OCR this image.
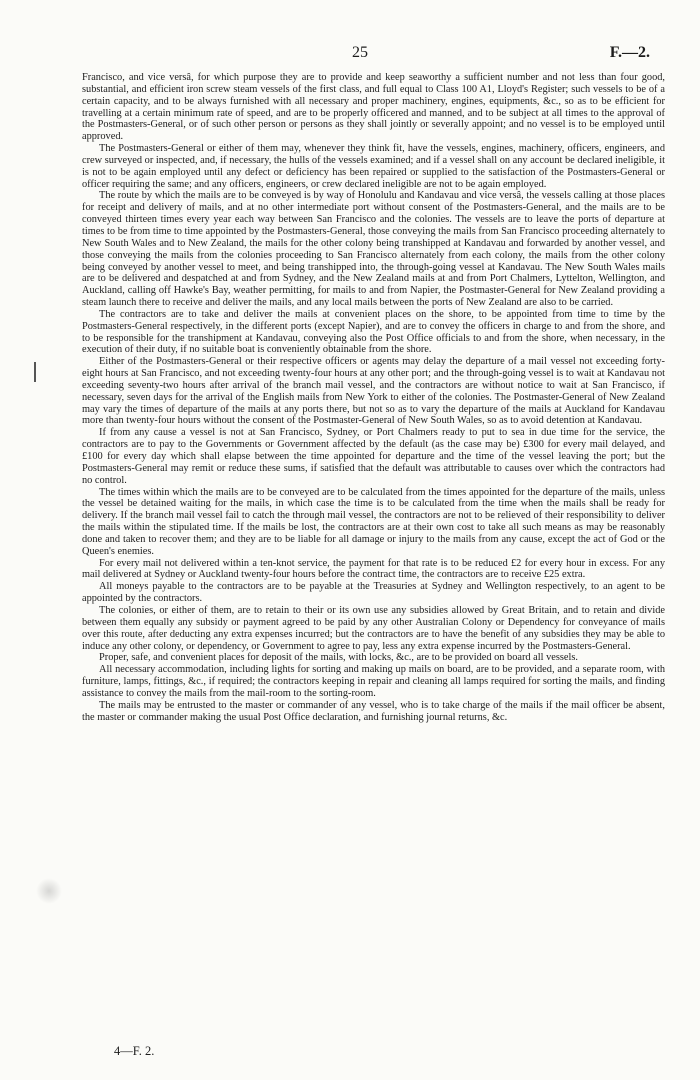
25	F.—2.

Francisco, and vice versâ, for which purpose they are to provide and keep seaworthy a sufficient number and not less than four good, substantial, and efficient iron screw steam vessels of the first class, and full equal to Class 100 A1, Lloyd's Register; such vessels to be of a certain capacity, and to be always furnished with all necessary and proper machinery, engines, equipments, &c., so as to be efficient for travelling at a certain minimum rate of speed, and are to be properly officered and manned, and to be subject at all times to the approval of the Postmasters-General, or of such other person or persons as they shall jointly or severally appoint; and no vessel is to be employed until approved.

The Postmasters-General or either of them may, whenever they think fit, have the vessels, engines, machinery, officers, engineers, and crew surveyed or inspected, and, if necessary, the hulls of the vessels examined; and if a vessel shall on any account be declared ineligible, it is not to be again employed until any defect or deficiency has been repaired or supplied to the satisfaction of the Postmasters-General or officer requiring the same; and any officers, engineers, or crew declared ineligible are not to be again employed.

The route by which the mails are to be conveyed is by way of Honolulu and Kandavau and vice versâ, the vessels calling at those places for receipt and delivery of mails, and at no other intermediate port without consent of the Postmasters-General, and the mails are to be conveyed thirteen times every year each way between San Francisco and the colonies. The vessels are to leave the ports of departure at times to be from time to time appointed by the Postmasters-General, those conveying the mails from San Francisco proceeding alternately to New South Wales and to New Zealand, the mails for the other colony being transhipped at Kandavau and forwarded by another vessel, and those conveying the mails from the colonies proceeding to San Francisco alternately from each colony, the mails from the other colony being conveyed by another vessel to meet, and being transhipped into, the through-going vessel at Kandavau. The New South Wales mails are to be delivered and despatched at and from Sydney, and the New Zealand mails at and from Port Chalmers, Lyttelton, Wellington, and Auckland, calling off Hawke's Bay, weather permitting, for mails to and from Napier, the Postmaster-General for New Zealand providing a steam launch there to receive and deliver the mails, and any local mails between the ports of New Zealand are also to be carried.

The contractors are to take and deliver the mails at convenient places on the shore, to be appointed from time to time by the Postmasters-General respectively, in the different ports (except Napier), and are to convey the officers in charge to and from the shore, and to be responsible for the transhipment at Kandavau, conveying also the Post Office officials to and from the shore, when necessary, in the execution of their duty, if no suitable boat is conveniently obtainable from the shore.

Either of the Postmasters-General or their respective officers or agents may delay the departure of a mail vessel not exceeding forty-eight hours at San Francisco, and not exceeding twenty-four hours at any other port; and the through-going vessel is to wait at Kandavau not exceeding seventy-two hours after arrival of the branch mail vessel, and the contractors are without notice to wait at San Francisco, if necessary, seven days for the arrival of the English mails from New York to either of the colonies. The Postmaster-General of New Zealand may vary the times of departure of the mails at any ports there, but not so as to vary the departure of the mails at Auckland for Kandavau more than twenty-four hours without the consent of the Postmaster-General of New South Wales, so as to avoid detention at Kandavau.

If from any cause a vessel is not at San Francisco, Sydney, or Port Chalmers ready to put to sea in due time for the service, the contractors are to pay to the Governments or Government affected by the default (as the case may be) £300 for every mail delayed, and £100 for every day which shall elapse between the time appointed for departure and the time of the vessel leaving the port; but the Postmasters-General may remit or reduce these sums, if satisfied that the default was attributable to causes over which the contractors had no control.

The times within which the mails are to be conveyed are to be calculated from the times appointed for the departure of the mails, unless the vessel be detained waiting for the mails, in which case the time is to be calculated from the time when the mails shall be ready for delivery. If the branch mail vessel fail to catch the through mail vessel, the contractors are not to be relieved of their responsibility to deliver the mails within the stipulated time. If the mails be lost, the contractors are at their own cost to take all such means as may be reasonably done and taken to recover them; and they are to be liable for all damage or injury to the mails from any cause, except the act of God or the Queen's enemies.

For every mail not delivered within a ten-knot service, the payment for that rate is to be reduced £2 for every hour in excess. For any mail delivered at Sydney or Auckland twenty-four hours before the contract time, the contractors are to receive £25 extra.

All moneys payable to the contractors are to be payable at the Treasuries at Sydney and Wellington respectively, to an agent to be appointed by the contractors.

The colonies, or either of them, are to retain to their or its own use any subsidies allowed by Great Britain, and to retain and divide between them equally any subsidy or payment agreed to be paid by any other Australian Colony or Dependency for conveyance of mails over this route, after deducting any extra expenses incurred; but the contractors are to have the benefit of any subsidies they may be able to induce any other colony, or dependency, or Government to agree to pay, less any extra expense incurred by the Postmasters-General.

Proper, safe, and convenient places for deposit of the mails, with locks, &c., are to be provided on board all vessels.

All necessary accommodation, including lights for sorting and making up mails on board, are to be provided, and a separate room, with furniture, lamps, fittings, &c., if required; the contractors keeping in repair and cleaning all lamps required for sorting the mails, and finding assistance to convey the mails from the mail-room to the sorting-room.

The mails may be entrusted to the master or commander of any vessel, who is to take charge of the mails if the mail officer be absent, the master or commander making the usual Post Office declaration, and furnishing journal returns, &c.

4—F. 2.
